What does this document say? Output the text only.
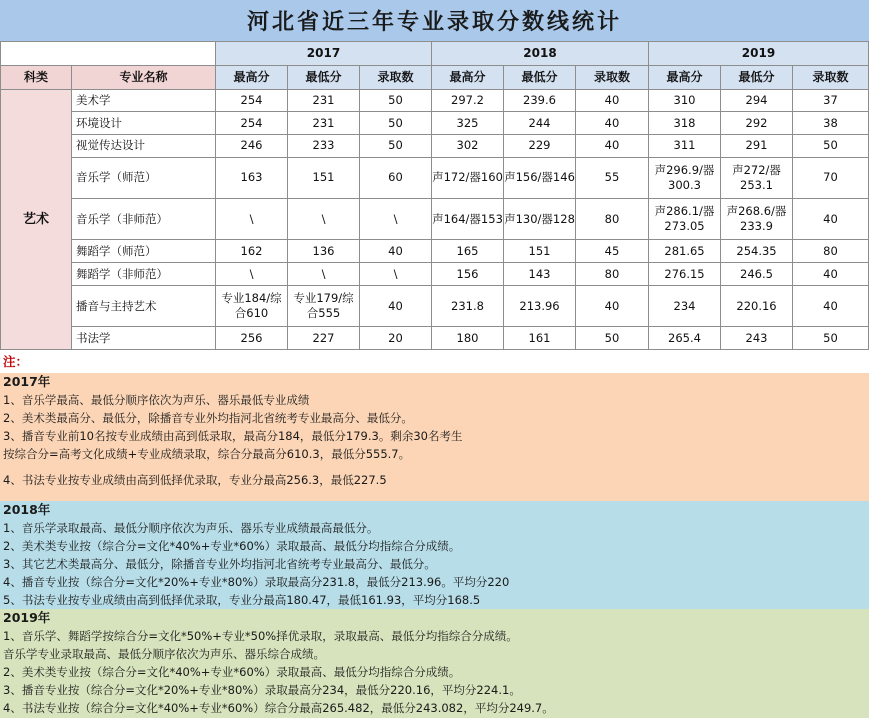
河北省近三年专业录取分数线统计
		2017			2018			2019		
科类	专业名称	最高分	最低分	录取数	最高分	最低分	录取数	最高分	最低分	录取数
艺术	美术学	254	231	50	297.2	239.6	40	310	294	37
	环境设计	254	231	50	325	244	40	318	292	38
	视觉传达设计	246	233	50	302	229	40	311	291	50
	音乐学（师范）	163	151	60	声172/器160	声156/器146	55	声296.9/器300.3	声272/器253.1	70
	音乐学（非师范）	\	\	\	声164/器153	声130/器128	80	声286.1/器273.05	声268.6/器233.9	40
	舞蹈学（师范）	162	136	40	165	151	45	281.65	254.35	80
	舞蹈学（非师范）	\	\	\	156	143	80	276.15	246.5	40
	播音与主持艺术	专业184/综合610	专业179/综合555	40	231.8	213.96	40	234	220.16	40
	书法学	256	227	20	180	161	50	265.4	243	50
注：

2017年

1、音乐学最高、最低分顺序依次为声乐、器乐最低专业成绩

2、美术类最高分、最低分，除播音专业外均指河北省统考专业最高分、最低分。

3、播音专业前10名按专业成绩由高到低录取，最高分184，最低分179.3。剩余30名考生

按综合分=高考文化成绩+专业成绩录取，综合分最高分610.3，最低分555.7。

4、书法专业按专业成绩由高到低择优录取，专业分最高256.3，最低227.5

2018年

1、音乐学录取最高、最低分顺序依次为声乐、器乐专业成绩最高最低分。

2、美术类专业按（综合分=文化*40%+专业*60%）录取最高、最低分均指综合分成绩。

3、其它艺术类最高分、最低分，除播音专业外均指河北省统考专业最高分、最低分。

4、播音专业按（综合分=文化*20%+专业*80%）录取最高分231.8，最低分213.96。平均分220

5、书法专业按专业成绩由高到低择优录取，专业分最高180.47，最低161.93，平均分168.5

2019年

1、音乐学、舞蹈学按综合分=文化*50%+专业*50%择优录取，录取最高、最低分均指综合分成绩。

音乐学专业录取最高、最低分顺序依次为声乐、器乐综合成绩。

2、美术类专业按（综合分=文化*40%+专业*60%）录取最高、最低分均指综合分成绩。

3、播音专业按（综合分=文化*20%+专业*80%）录取最高分234，最低分220.16，平均分224.1。

4、书法专业按（综合分=文化*40%+专业*60%）综合分最高265.482，最低分243.082，平均分249.7。
